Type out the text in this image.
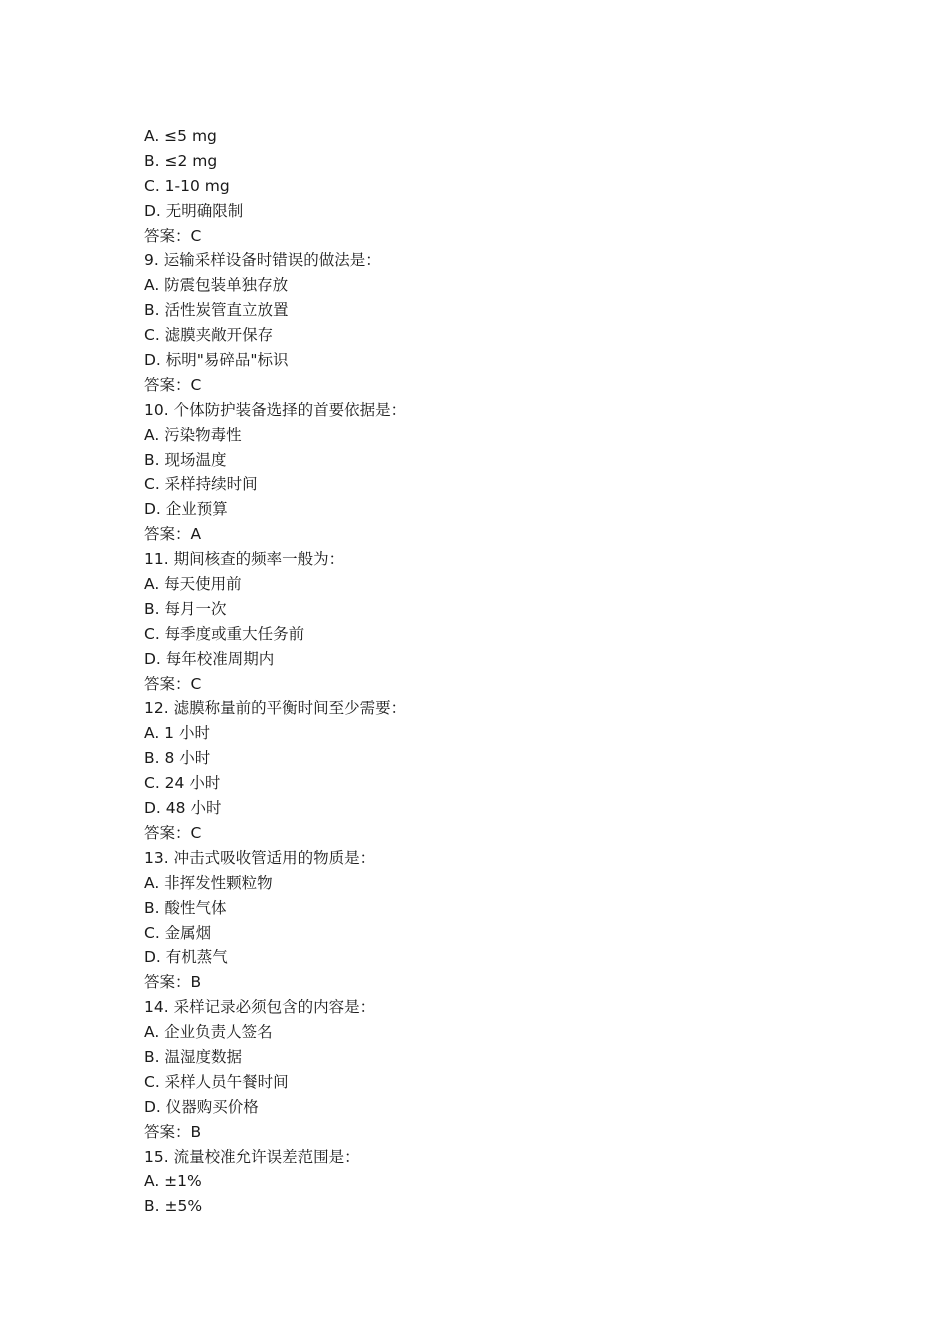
A. ≤5 mg
B. ≤2 mg
C. 1-10 mg
D. 无明确限制
答案：C
9. 运输采样设备时错误的做法是：
A. 防震包装单独存放
B. 活性炭管直立放置
C. 滤膜夹敞开保存
D. 标明"易碎品"标识
答案：C
10. 个体防护装备选择的首要依据是：
A. 污染物毒性
B. 现场温度
C. 采样持续时间
D. 企业预算
答案：A
11. 期间核查的频率一般为：
A. 每天使用前
B. 每月一次
C. 每季度或重大任务前
D. 每年校准周期内
答案：C
12. 滤膜称量前的平衡时间至少需要：
A. 1 小时
B. 8 小时
C. 24 小时
D. 48 小时
答案：C
13. 冲击式吸收管适用的物质是：
A. 非挥发性颗粒物
B. 酸性气体
C. 金属烟
D. 有机蒸气
答案：B
14. 采样记录必须包含的内容是：
A. 企业负责人签名
B. 温湿度数据
C. 采样人员午餐时间
D. 仪器购买价格
答案：B
15. 流量校准允许误差范围是：
A. ±1%
B. ±5%
